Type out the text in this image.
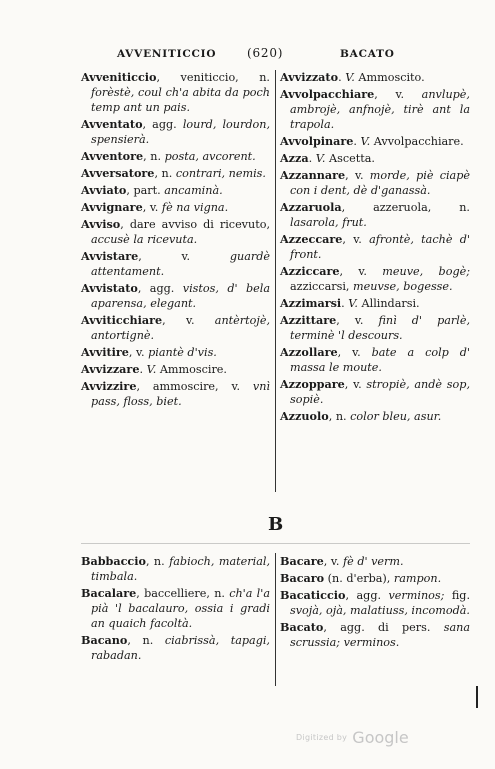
AVVENITICCIO	(620)	BACATO
Avveniticcio, veniticcio, n. forèstè, coul ch'a abita da poch temp ant un pais.
Avventato, agg. lourd, lourdon, spensierà.
Avventore, n. posta, avcorent.
Avversatore, n. contrari, nemis.
Avviato, part. ancaminà.
Avvignare, v. fè na vigna.
Avviso, dare avviso di ricevuto, accusè la ricevuta.
Avvistare, v. guardè attentament.
Avvistato, agg. vistos, d' bela aparensa, elegant.
Avviticchiare, v. antèrtojè, antortignè.
Avvitire, v. piantè d'vis.
Avvizzare. V. Ammoscire.
Avvizzire, ammoscire, v. vnì pass, floss, biet.
Avvizzato. V. Ammoscito.
Avvolpacchiare, v. anvlupè, ambrojè, anfnojè, tirè ant la trapola.
Avvolpinare. V. Avvolpacchiare.
Azza. V. Ascetta.
Azzannare, v. morde, piè ciapè con i dent, dè d'ganassà.
Azzaruola, azzeruola, n. lasarola, frut.
Azzeccare, v. afrontè, tachè d' front.
Azziccare, v. meuve, bogè; azziccarsi, meuvse, bogesse.
Azzimarsi. V. Allindarsi.
Azzittare, v. finì d' parlè, terminè 'l descours.
Azzollare, v. bate a colp d' massa le moute.
Azzoppare, v. stropiè, andè sop, sopiè.
Azzuolo, n. color bleu, asur.
B
Babbaccio, n. fabioch, material, timbala.
Bacalare, baccelliere, n. ch'a l'a pià 'l bacalauro, ossia i gradi an quaich facoltà.
Bacano, n. ciabrissà, tapagi, rabadan.
Bacare, v. fè d' verm.
Bacaro (n. d'erba), rampon.
Bacaticcio, agg. verminos; fig. svojà, ojà, malatiuss, incomodà.
Bacato, agg. di pers. sana scrussia; verminos.
Digitized by Google
